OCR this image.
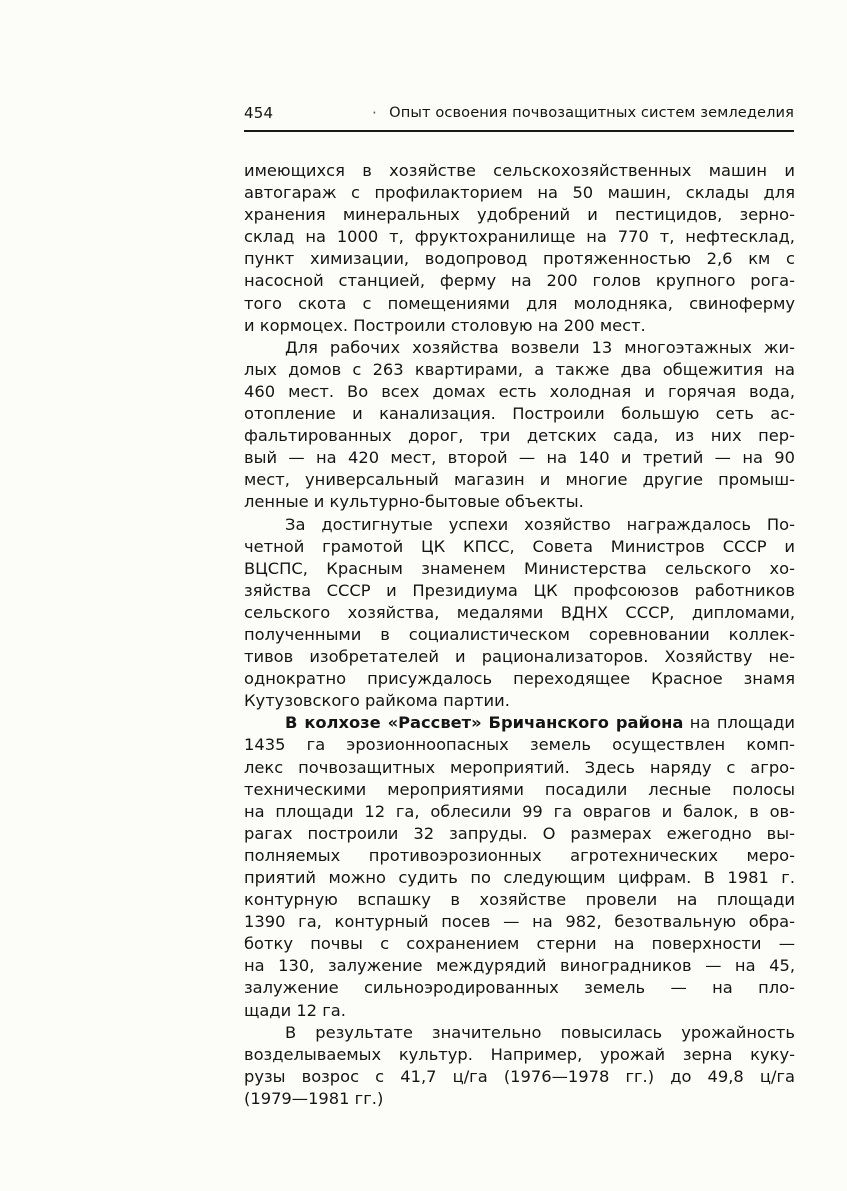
454	· Опыт освоения почвозащитных систем земледелия
имеющихся в хозяйстве сельскохозяйственных машин и
автогараж с профилакторием на 50 машин, склады для
хранения минеральных удобрений и пестицидов, зерно-
склад на 1000 т, фруктохранилище на 770 т, нефтесклад,
пункт химизации, водопровод протяженностью 2,6 км с
насосной станцией, ферму на 200 голов крупного рога-
того скота с помещениями для молодняка, свиноферму
и кормоцех. Построили столовую на 200 мест.
Для рабочих хозяйства возвели 13 многоэтажных жи-
лых домов с 263 квартирами, а также два общежития на
460 мест. Во всех домах есть холодная и горячая вода,
отопление и канализация. Построили большую сеть ас-
фальтированных дорог, три детских сада, из них пер-
вый — на 420 мест, второй — на 140 и третий — на 90
мест, универсальный магазин и многие другие промыш-
ленные и культурно-бытовые объекты.
За достигнутые успехи хозяйство награждалось По-
четной грамотой ЦК КПСС, Совета Министров СССР и
ВЦСПС, Красным знаменем Министерства сельского хо-
зяйства СССР и Президиума ЦК профсоюзов работников
сельского хозяйства, медалями ВДНХ СССР, дипломами,
полученными в социалистическом соревновании коллек-
тивов изобретателей и рационализаторов. Хозяйству не-
однократно присуждалось переходящее Красное знамя
Кутузовского райкома партии.
В колхозе «Рассвет» Бричанского района на площади
1435 га эрозионноопасных земель осуществлен комп-
лекс почвозащитных мероприятий. Здесь наряду с агро-
техническими мероприятиями посадили лесные полосы
на площади 12 га, облесили 99 га оврагов и балок, в ов-
рагах построили 32 запруды. О размерах ежегодно вы-
полняемых противоэрозионных агротехнических меро-
приятий можно судить по следующим цифрам. В 1981 г.
контурную вспашку в хозяйстве провели на площади
1390 га, контурный посев — на 982, безотвальную обра-
ботку почвы с сохранением стерни на поверхности —
на 130, залужение междурядий виноградников — на 45,
залужение сильноэродированных земель — на пло-
щади 12 га.
В результате значительно повысилась урожайность
возделываемых культур. Например, урожай зерна куку-
рузы возрос с 41,7 ц/га (1976—1978 гг.) до 49,8 ц/га
(1979—1981 гг.)
